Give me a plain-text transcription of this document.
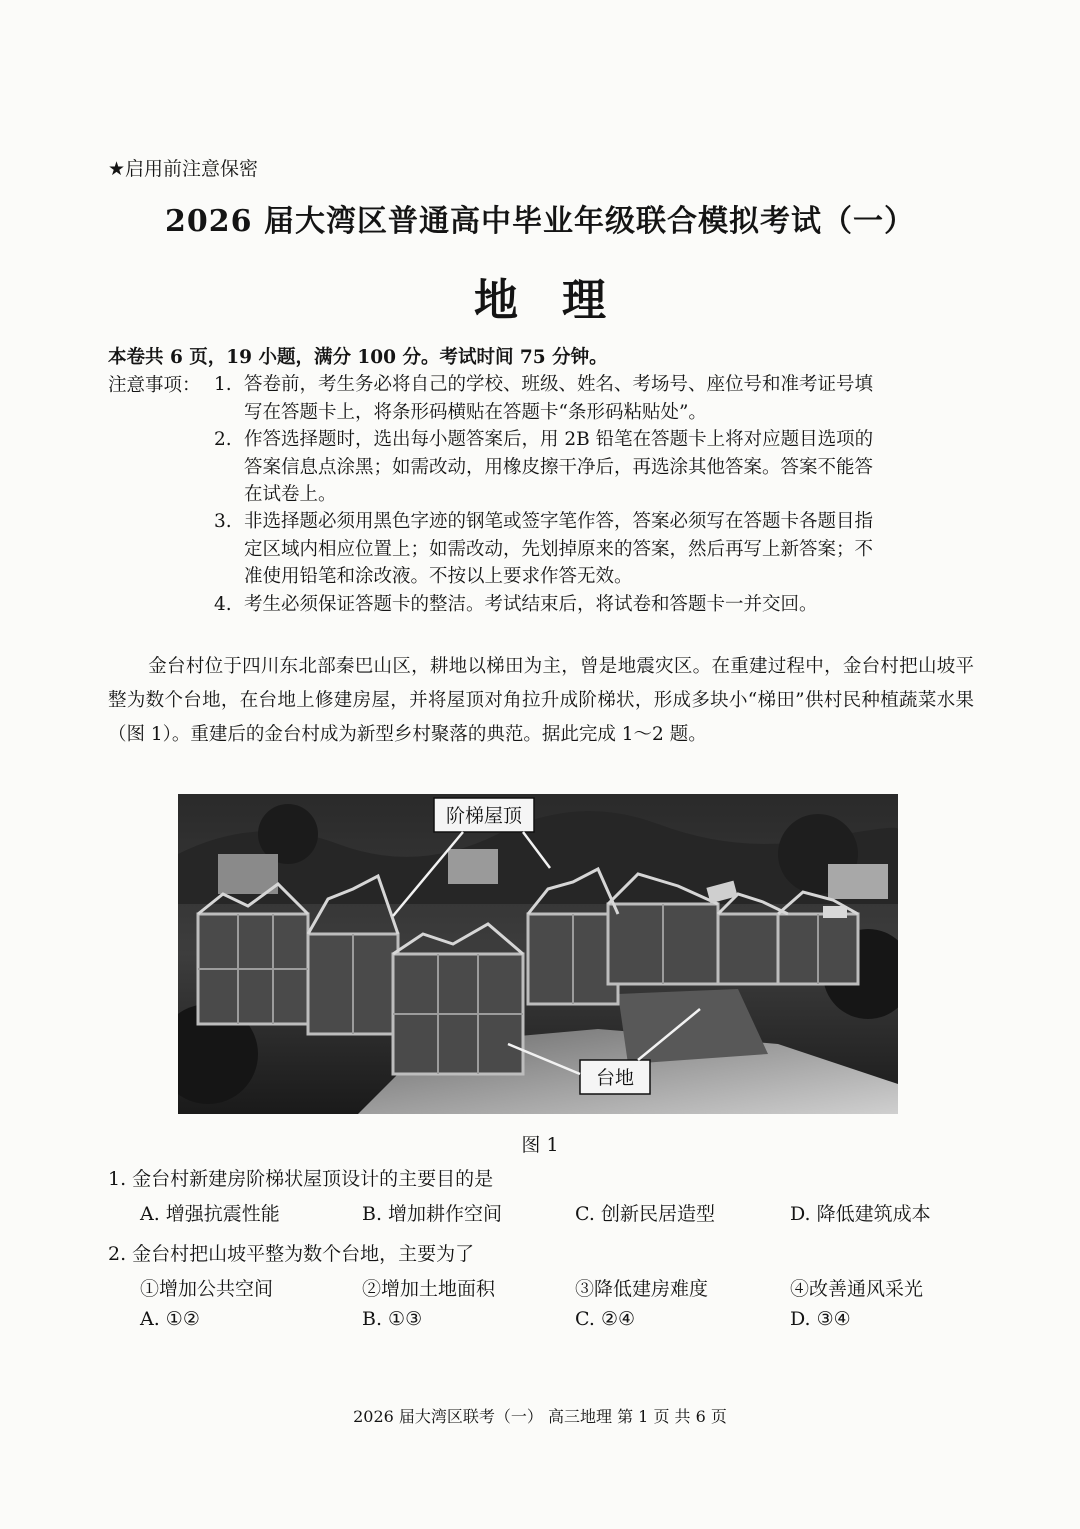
★启用前注意保密
2026 届大湾区普通高中毕业年级联合模拟考试（一）
地　理
本卷共 6 页，19 小题，满分 100 分。考试时间 75 分钟。
注意事项： 1. 答卷前，考生务必将自己的学校、班级、姓名、考场号、座位号和准考证号填
写在答题卡上，将条形码横贴在答题卡“条形码粘贴处”。
2. 作答选择题时，选出每小题答案后，用 2B 铅笔在答题卡上将对应题目选项的
答案信息点涂黑；如需改动，用橡皮擦干净后，再选涂其他答案。答案不能答
在试卷上。
3. 非选择题必须用黑色字迹的钢笔或签字笔作答，答案必须写在答题卡各题目指
定区域内相应位置上；如需改动，先划掉原来的答案，然后再写上新答案；不
准使用铅笔和涂改液。不按以上要求作答无效。
4. 考生必须保证答题卡的整洁。考试结束后，将试卷和答题卡一并交回。
金台村位于四川东北部秦巴山区，耕地以梯田为主，曾是地震灾区。在重建过程中，金台村把山坡平整为数个台地，在台地上修建房屋，并将屋顶对角拉升成阶梯状，形成多块小“梯田”供村民种植蔬菜水果（图 1）。重建后的金台村成为新型乡村聚落的典范。据此完成 1～2 题。
阶梯屋顶
台地
图 1
1. 金台村新建房阶梯状屋顶设计的主要目的是
A. 增强抗震性能	B. 增加耕作空间	C. 创新民居造型	D. 降低建筑成本
2. 金台村把山坡平整为数个台地，主要为了
①增加公共空间	②增加土地面积	③降低建房难度	④改善通风采光
A. ①②	B. ①③	C. ②④	D. ③④
2026 届大湾区联考（一） 高三地理 第 1 页 共 6 页
